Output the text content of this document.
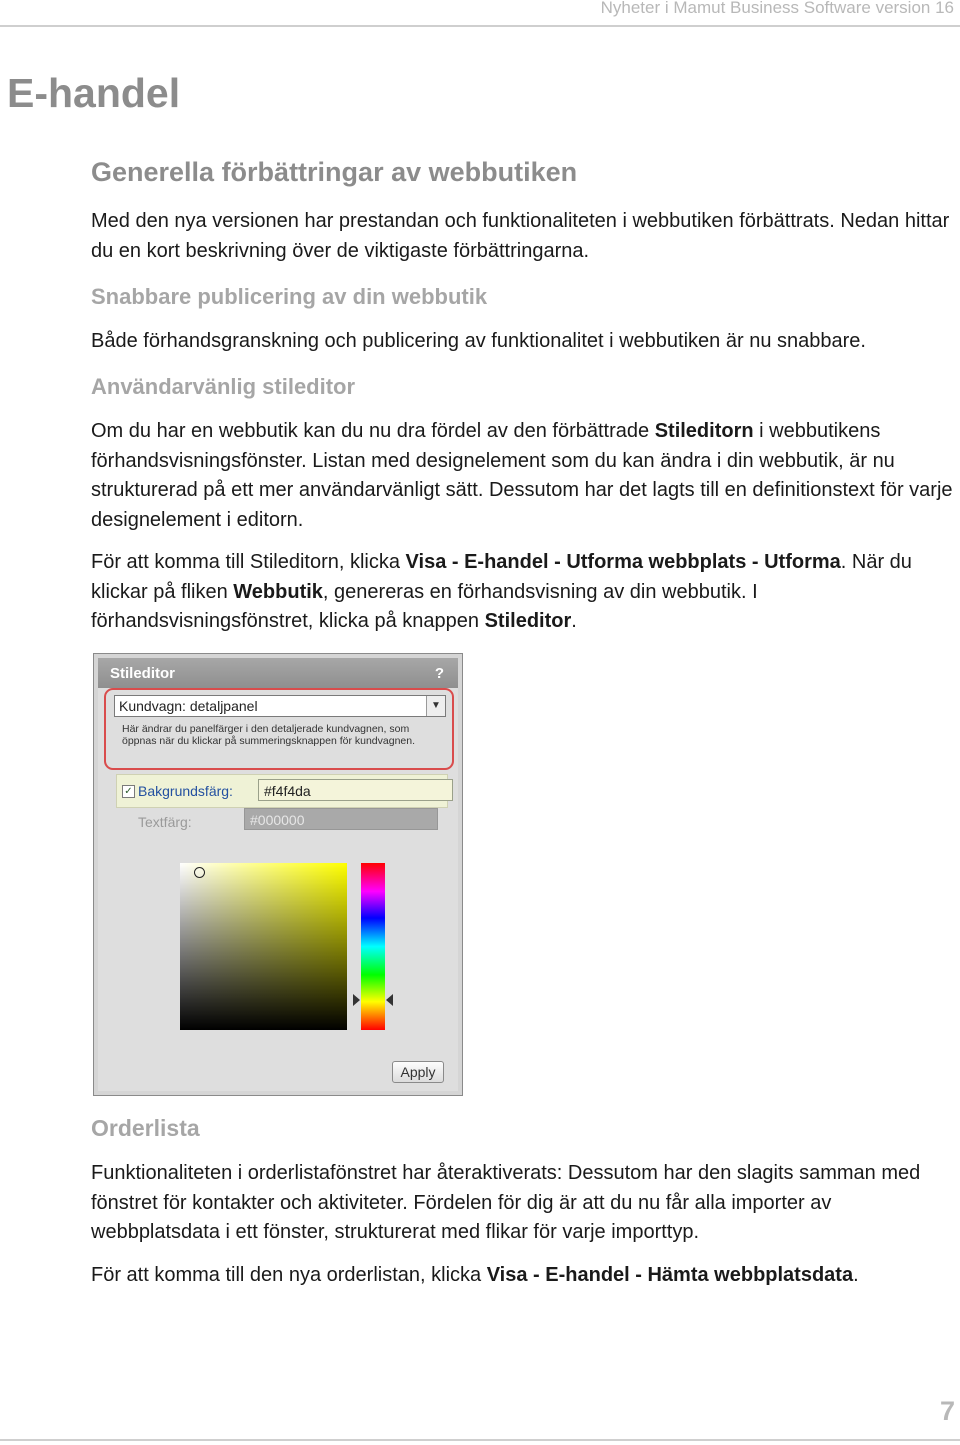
Nyheter i Mamut Business Software version 16
E-handel
Generella förbättringar av webbutiken

Med den nya versionen har prestandan och funktionaliteten i webbutiken förbättrats. Nedan hittar du en kort beskrivning över de viktigaste förbättringarna.

Snabbare publicering av din webbutik

Både förhandsgranskning och publicering av funktionalitet i webbutiken är nu snabbare.

Användarvänlig stileditor

Om du har en webbutik kan du nu dra fördel av den förbättrade Stileditorn i webbutikens förhandsvisningsfönster. Listan med designelement som du kan ändra i din webbutik, är nu strukturerad på ett mer användarvänligt sätt. Dessutom har det lagts till en definitionstext för varje designelement i editorn.

För att komma till Stileditorn, klicka Visa - E-handel - Utforma webbplats - Utforma. När du klickar på fliken Webbutik, genereras en förhandsvisning av din webbutik. I förhandsvisningsfönstret, klicka på knappen Stileditor.

Stileditor	?
Kundvagn: detaljpanel	▼
Här ändrar du panelfärger i den detaljerade kundvagnen, som öppnas när du klickar på summeringsknappen för kundvagnen.
✓ Bakgrundsfärg:	#f4f4da
Textfärg:	#000000
Apply
Orderlista

Funktionaliteten i orderlistafönstret har återaktiverats: Dessutom har den slagits samman med fönstret för kontakter och aktiviteter. Fördelen för dig är att du nu får alla importer av webbplatsdata i ett fönster, strukturerat med flikar för varje importtyp.

För att komma till den nya orderlistan, klicka Visa - E-handel - Hämta webbplatsdata.

7
